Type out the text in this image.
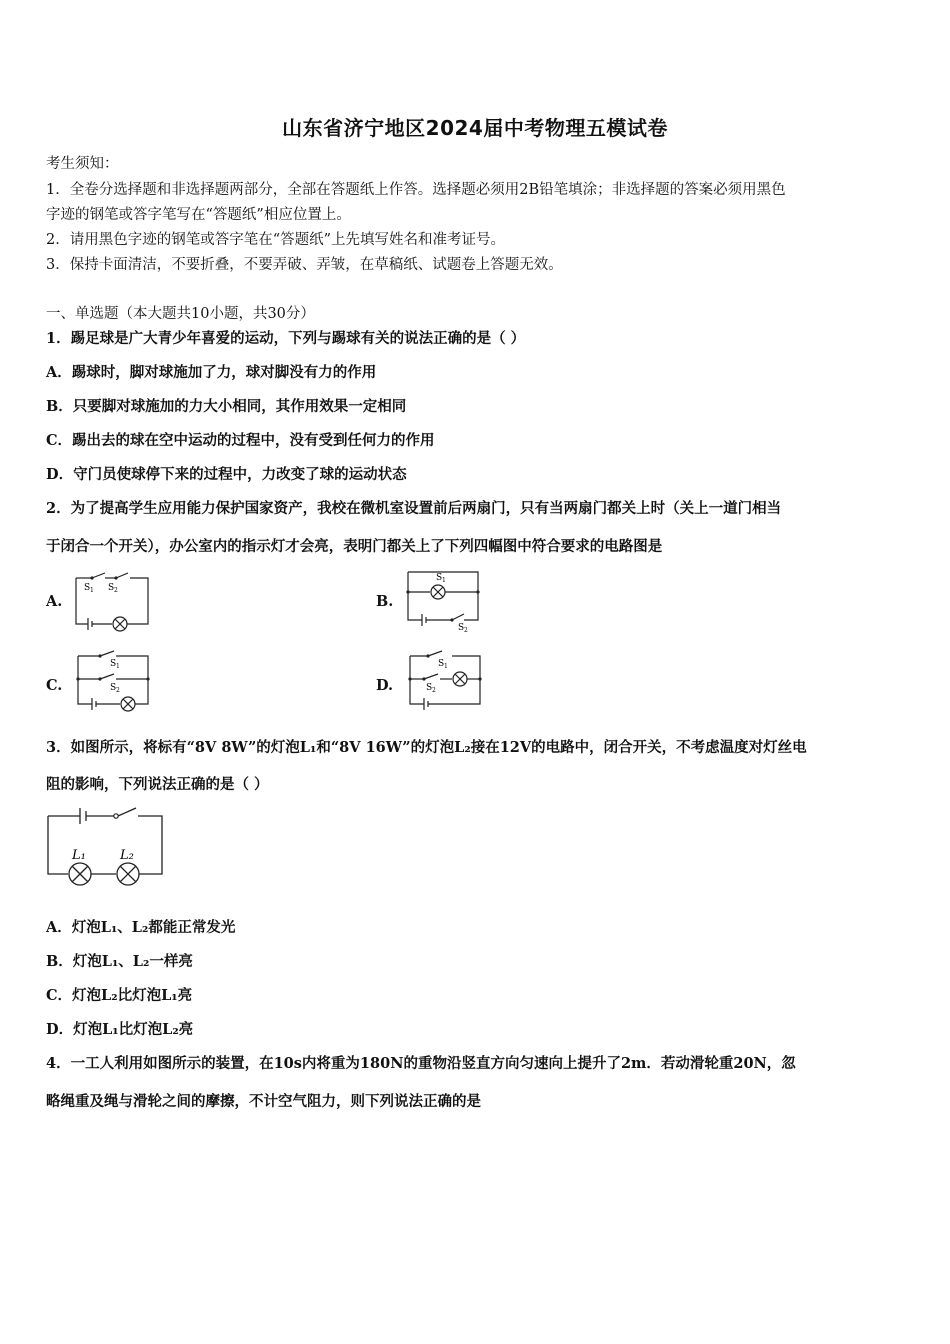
山东省济宁地区2024届中考物理五模试卷
考生须知：
1．全卷分选择题和非选择题两部分，全部在答题纸上作答。选择题必须用2B铅笔填涂；非选择题的答案必须用黑色
字迹的钢笔或答字笔写在“答题纸”相应位置上。
2．请用黑色字迹的钢笔或答字笔在“答题纸”上先填写姓名和准考证号。
3．保持卡面清洁，不要折叠，不要弄破、弄皱，在草稿纸、试题卷上答题无效。
一、单选题（本大题共10小题，共30分）
1．踢足球是广大青少年喜爱的运动，下列与踢球有关的说法正确的是（ ）
A．踢球时，脚对球施加了力，球对脚没有力的作用
B．只要脚对球施加的力大小相同，其作用效果一定相同
C．踢出去的球在空中运动的过程中，没有受到任何力的作用
D．守门员使球停下来的过程中，力改变了球的运动状态
2．为了提高学生应用能力保护国家资产，我校在微机室设置前后两扇门，只有当两扇门都关上时（关上一道门相当
于闭合一个开关），办公室内的指示灯才会亮，表明门都关上了下列四幅图中符合要求的电路图是
A.
S 1 S 2
B.
S 1
S 2
C.
S 1
S 2	D.
S 1
S 2
3．如图所示，将标有“8V 8W”的灯泡L₁和“8V 16W”的灯泡L₂接在12V的电路中，闭合开关，不考虑温度对灯丝电
阻的影响，下列说法正确的是（ ）
L₁	L₂
A．灯泡L₁、L₂都能正常发光
B．灯泡L₁、L₂一样亮
C．灯泡L₂比灯泡L₁亮
D．灯泡L₁比灯泡L₂亮
4．一工人利用如图所示的装置，在10s内将重为180N的重物沿竖直方向匀速向上提升了2m．若动滑轮重20N，忽
略绳重及绳与滑轮之间的摩擦，不计空气阻力，则下列说法正确的是
